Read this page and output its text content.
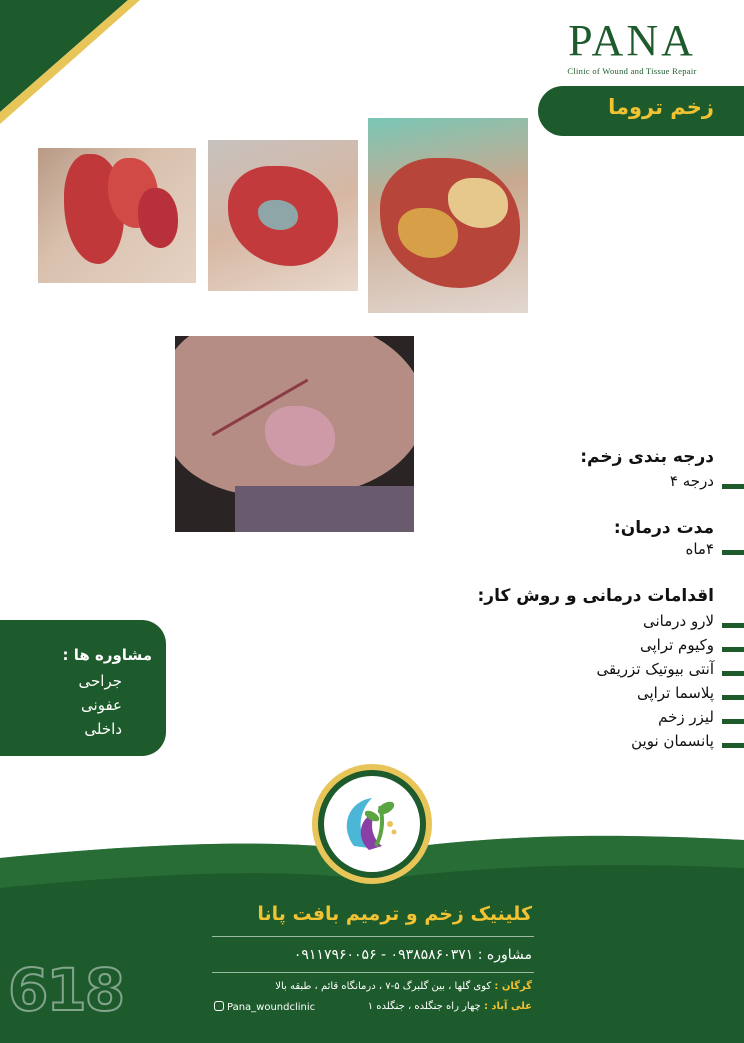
PANA
Clinic of Wound and Tissue Repair
زخم تروما
درجه بندی زخم:
درجه ۴
مدت درمان:
۴ماه
اقدامات درمانی و روش کار:
لارو درمانی
وکیوم تراپی
آنتی بیوتیک تزریقی
پلاسما تراپی
لیزر زخم
پانسمان نوین
مشاوره ها :
جراحی
عفونی
داخلی
کلینیک زخم و ترمیم بافت پانا
مشاوره : ۰۹۳۸۵۸۶۰۳۷۱ - ۰۹۱۱۷۹۶۰۰۵۶
گرگان : کوی گلها ، بین گلبرگ ۵-۷ ، درمانگاه قائم ، طبقه بالا
علی آباد : چهار راه جنگلده ، جنگلده ۱
Pana_woundclinic
618
